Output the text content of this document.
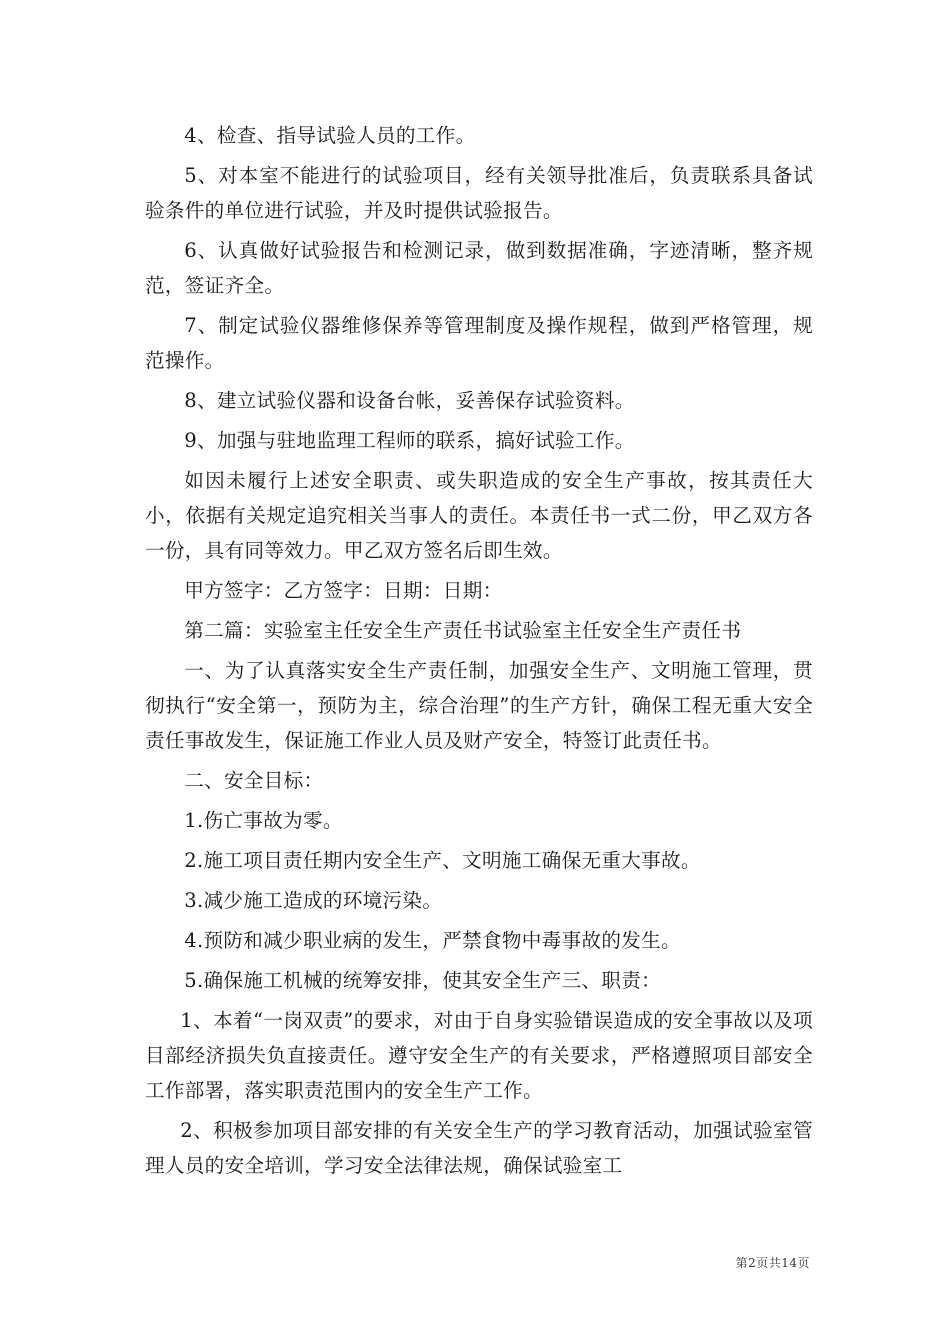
4、检查、指导试验人员的工作。

5、对本室不能进行的试验项目，经有关领导批准后，负责联系具备试验条件的单位进行试验，并及时提供试验报告。

6、认真做好试验报告和检测记录，做到数据准确，字迹清晰，整齐规范，签证齐全。

7、制定试验仪器维修保养等管理制度及操作规程，做到严格管理，规范操作。

8、建立试验仪器和设备台帐，妥善保存试验资料。

9、加强与驻地监理工程师的联系，搞好试验工作。

如因未履行上述安全职责、或失职造成的安全生产事故，按其责任大小，依据有关规定追究相关当事人的责任。本责任书一式二份，甲乙双方各一份，具有同等效力。甲乙双方签名后即生效。

甲方签字：乙方签字：日期：日期：

第二篇：实验室主任安全生产责任书试验室主任安全生产责任书

一、为了认真落实安全生产责任制，加强安全生产、文明施工管理，贯彻执行“安全第一，预防为主，综合治理”的生产方针，确保工程无重大安全责任事故发生，保证施工作业人员及财产安全，特签订此责任书。

二、安全目标：

1.伤亡事故为零。

2.施工项目责任期内安全生产、文明施工确保无重大事故。

3.减少施工造成的环境污染。

4.预防和减少职业病的发生，严禁食物中毒事故的发生。

5.确保施工机械的统筹安排，使其安全生产三、职责：

1、本着“一岗双责”的要求，对由于自身实验错误造成的安全事故以及项目部经济损失负直接责任。遵守安全生产的有关要求，严格遵照项目部安全工作部署，落实职责范围内的安全生产工作。

2、积极参加项目部安排的有关安全生产的学习教育活动，加强试验室管理人员的安全培训，学习安全法律法规，确保试验室工

第2页共14页
